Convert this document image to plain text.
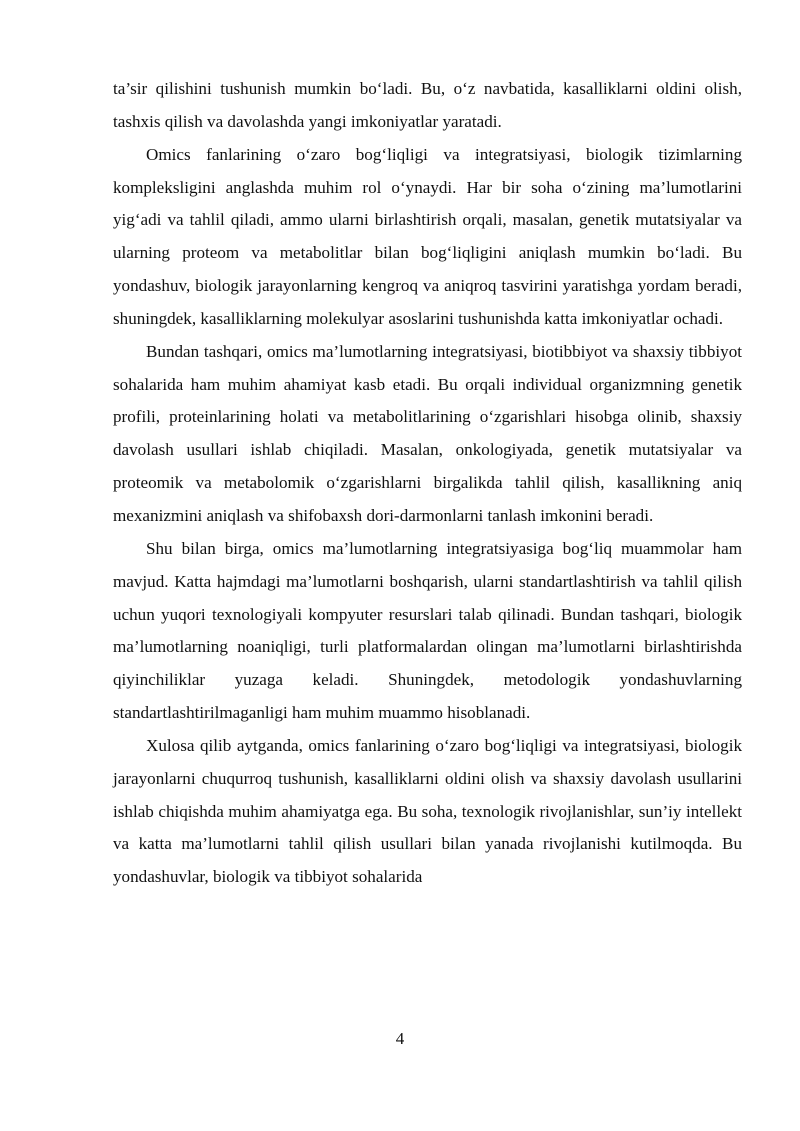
ta’sir qilishini tushunish mumkin bo‘ladi. Bu, o‘z navbatida, kasalliklarni oldini olish, tashxis qilish va davolashda yangi imkoniyatlar yaratadi.

Omics fanlarining o‘zaro bog‘liqligi va integratsiyasi, biologik tizimlarning kompleksligini anglashda muhim rol o‘ynaydi. Har bir soha o‘zining ma’lumotlarini yig‘adi va tahlil qiladi, ammo ularni birlashtirish orqali, masalan, genetik mutatsiyalar va ularning proteom va metabolitlar bilan bog‘liqligini aniqlash mumkin bo‘ladi. Bu yondashuv, biologik jarayonlarning kengroq va aniqroq tasvirini yaratishga yordam beradi, shuningdek, kasalliklarning molekulyar asoslarini tushunishda katta imkoniyatlar ochadi.

Bundan tashqari, omics ma’lumotlarning integratsiyasi, biotibbiyot va shaxsiy tibbiyot sohalarida ham muhim ahamiyat kasb etadi. Bu orqali individual organizmning genetik profili, proteinlarining holati va metabolitlarining o‘zgarishlari hisobga olinib, shaxsiy davolash usullari ishlab chiqiladi. Masalan, onkologiyada, genetik mutatsiyalar va proteomik va metabolomik o‘zgarishlarni birgalikda tahlil qilish, kasallikning aniq mexanizmini aniqlash va shifobaxsh dori-darmonlarni tanlash imkonini beradi.

Shu bilan birga, omics ma’lumotlarning integratsiyasiga bog‘liq muammolar ham mavjud. Katta hajmdagi ma’lumotlarni boshqarish, ularni standartlashtirish va tahlil qilish uchun yuqori texnologiyali kompyuter resurslari talab qilinadi. Bundan tashqari, biologik ma’lumotlarning noaniqligi, turli platformalardan olingan ma’lumotlarni birlashtirishda qiyinchiliklar yuzaga keladi. Shuningdek, metodologik yondashuvlarning standartlashtirilmaganligi ham muhim muammo hisoblanadi.

Xulosa qilib aytganda, omics fanlarining o‘zaro bog‘liqligi va integratsiyasi, biologik jarayonlarni chuqurroq tushunish, kasalliklarni oldini olish va shaxsiy davolash usullarini ishlab chiqishda muhim ahamiyatga ega. Bu soha, texnologik rivojlanishlar, sun’iy intellekt va katta ma’lumotlarni tahlil qilish usullari bilan yanada rivojlanishi kutilmoqda. Bu yondashuvlar, biologik va tibbiyot sohalarida

4
